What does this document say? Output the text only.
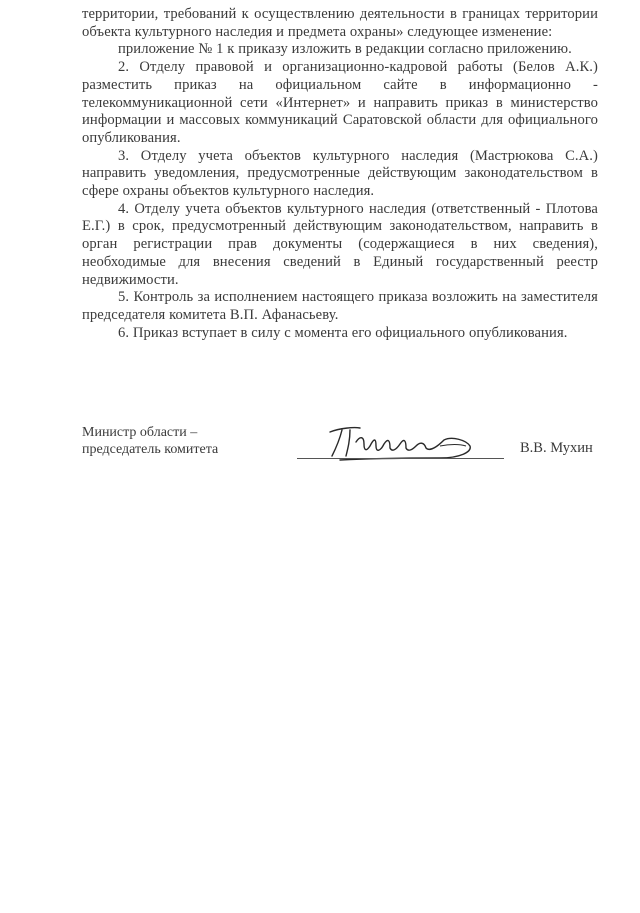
территории, требований к осуществлению деятельности в границах территории объекта культурного наследия и предмета охраны» следующее изменение:

приложение № 1 к приказу изложить в редакции согласно приложению.

2. Отделу правовой и организационно-кадровой работы (Белов А.К.) разместить приказ на официальном сайте в информационно - телекоммуникационной сети «Интернет» и направить приказ в министерство информации и массовых коммуникаций Саратовской области для официального опубликования.

3. Отделу учета объектов культурного наследия (Мастрюкова С.А.) направить уведомления, предусмотренные действующим законодательством в сфере охраны объектов культурного наследия.

4. Отделу учета объектов культурного наследия (ответственный - Плотова Е.Г.) в срок, предусмотренный действующим законодательством, направить в орган регистрации прав документы (содержащиеся в них сведения), необходимые для внесения сведений в Единый государственный реестр недвижимости.

5. Контроль за исполнением настоящего приказа возложить на заместителя председателя комитета В.П. Афанасьеву.

6. Приказ вступает в силу с момента его официального опубликования.

Министр области –
председатель комитета	В.В. Мухин
